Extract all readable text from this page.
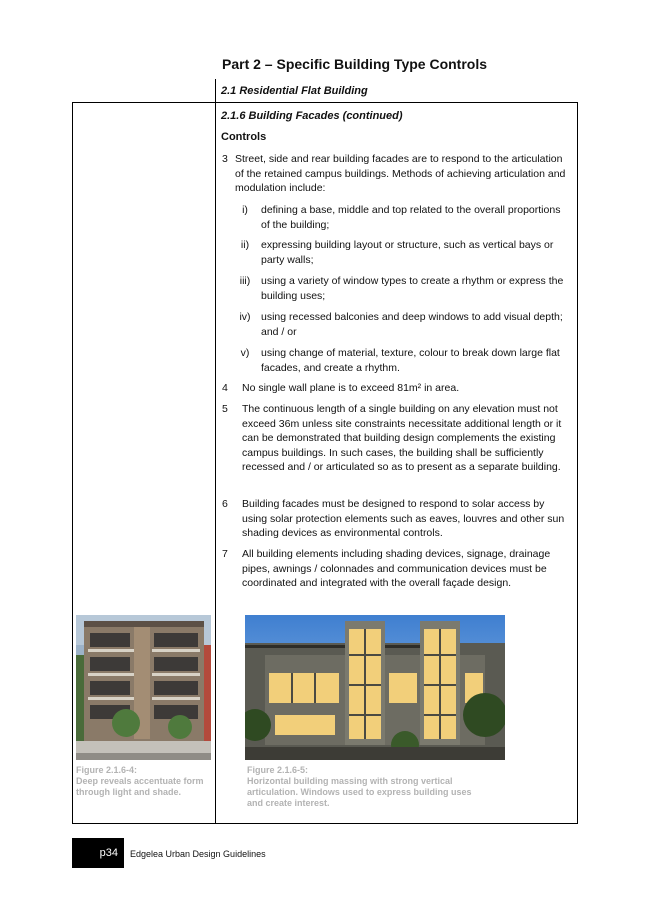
Part 2 – Specific Building Type Controls
2.1 Residential Flat Building
2.1.6 Building Facades (continued)
Controls
3 Street, side and rear building facades are to respond to the articulation of the retained campus buildings. Methods of achieving articulation and modulation include:
i)	defining a base, middle and top related to the overall proportions of the building;
ii)	expressing building layout or structure, such as vertical bays or party walls;
iii)	using a variety of window types to create a rhythm or express the building uses;
iv) using recessed balconies and deep windows to add visual depth; and / or
v)	using change of material, texture, colour to break down large flat facades, and create a rhythm.
4 No single wall plane is to exceed 81m² in area.
5 The continuous length of a single building on any elevation must not exceed 36m unless site constraints necessitate additional length or it can be demonstrated that building design complements the existing campus buildings. In such cases, the building shall be sufficiently recessed and / or articulated so as to present as a separate building.
6 Building facades must be designed to respond to solar access by using solar protection elements such as eaves, louvres and other sun shading devices as environmental controls.
7 All building elements including shading devices, signage, drainage pipes, awnings / colonnades and communication devices must be coordinated and integrated with the overall façade design.
Figure 2.1.6-4:
Deep reveals accentuate form through light and shade.
Figure 2.1.6-5:
Horizontal building massing with strong vertical articulation. Windows used to express building uses and create interest.
p34	Edgelea Urban Design Guidelines
